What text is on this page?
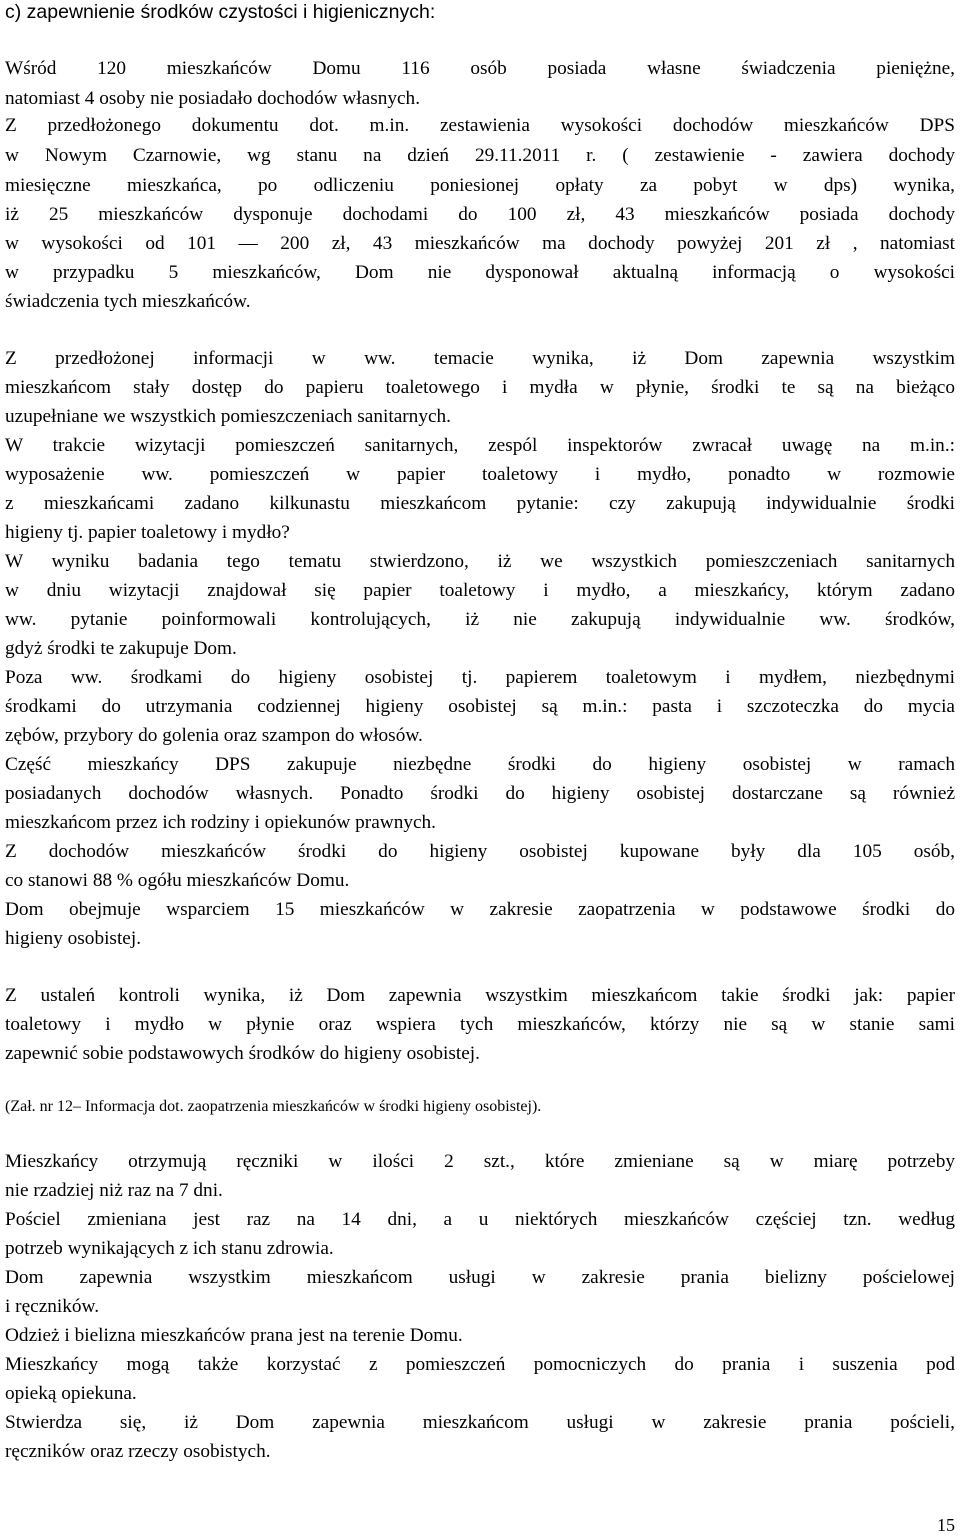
c) zapewnienie środków czystości i higienicznych:
Wśród 120 mieszkańców Domu 116 osób posiada własne świadczenia pieniężne,
natomiast 4 osoby nie posiadało dochodów własnych.
Z przedłożonego dokumentu dot. m.in. zestawienia wysokości dochodów mieszkańców DPS
w Nowym Czarnowie, wg stanu na dzień 29.11.2011 r. ( zestawienie - zawiera dochody
miesięczne mieszkańca, po odliczeniu poniesionej opłaty za pobyt w dps) wynika,
iż 25 mieszkańców dysponuje dochodami do 100 zł, 43 mieszkańców posiada dochody
w wysokości od 101 — 200 zł, 43 mieszkańców ma dochody powyżej 201 zł , natomiast
w przypadku 5 mieszkańców, Dom nie dysponował aktualną informacją o wysokości
świadczenia tych mieszkańców.
Z przedłożonej informacji w ww. temacie wynika, iż Dom zapewnia wszystkim
mieszkańcom stały dostęp do papieru toaletowego i mydła w płynie, środki te są na bieżąco
uzupełniane we wszystkich pomieszczeniach sanitarnych.
W trakcie wizytacji pomieszczeń sanitarnych, zespól inspektorów zwracał uwagę na m.in.:
wyposażenie ww. pomieszczeń w papier toaletowy i mydło, ponadto w rozmowie
z mieszkańcami zadano kilkunastu mieszkańcom pytanie: czy zakupują indywidualnie środki
higieny tj. papier toaletowy i mydło?
W wyniku badania tego tematu stwierdzono, iż we wszystkich pomieszczeniach sanitarnych
w dniu wizytacji znajdował się papier toaletowy i mydło, a mieszkańcy, którym zadano
ww. pytanie poinformowali kontrolujących, iż nie zakupują indywidualnie ww. środków,
gdyż środki te zakupuje Dom.
Poza ww. środkami do higieny osobistej tj. papierem toaletowym i mydłem, niezbędnymi
środkami do utrzymania codziennej higieny osobistej są m.in.: pasta i szczoteczka do mycia
zębów, przybory do golenia oraz szampon do włosów.
Część mieszkańcy DPS zakupuje niezbędne środki do higieny osobistej w ramach
posiadanych dochodów własnych. Ponadto środki do higieny osobistej dostarczane są również
mieszkańcom przez ich rodziny i opiekunów prawnych.
Z dochodów mieszkańców środki do higieny osobistej kupowane były dla 105 osób,
co stanowi 88 % ogółu mieszkańców Domu.
Dom obejmuje wsparciem 15 mieszkańców w zakresie zaopatrzenia w podstawowe środki do
higieny osobistej.
Z ustaleń kontroli wynika, iż Dom zapewnia wszystkim mieszkańcom takie środki jak: papier
toaletowy i mydło w płynie oraz wspiera tych mieszkańców, którzy nie są w stanie sami
zapewnić sobie podstawowych środków do higieny osobistej.
(Zał. nr 12– Informacja dot. zaopatrzenia mieszkańców w środki higieny osobistej).
Mieszkańcy otrzymują ręczniki w ilości 2 szt., które zmieniane są w miarę potrzeby
nie rzadziej niż raz na 7 dni.
Pościel zmieniana jest raz na 14 dni, a u niektórych mieszkańców częściej tzn. według
potrzeb wynikających z ich stanu zdrowia.
Dom zapewnia wszystkim mieszkańcom usługi w zakresie prania bielizny pościelowej
i ręczników.
Odzież i bielizna mieszkańców prana jest na terenie Domu.
Mieszkańcy mogą także korzystać z pomieszczeń pomocniczych do prania i suszenia pod
opieką opiekuna.
Stwierdza się, iż Dom zapewnia mieszkańcom usługi w zakresie prania pościeli,
ręczników oraz rzeczy osobistych.
15
